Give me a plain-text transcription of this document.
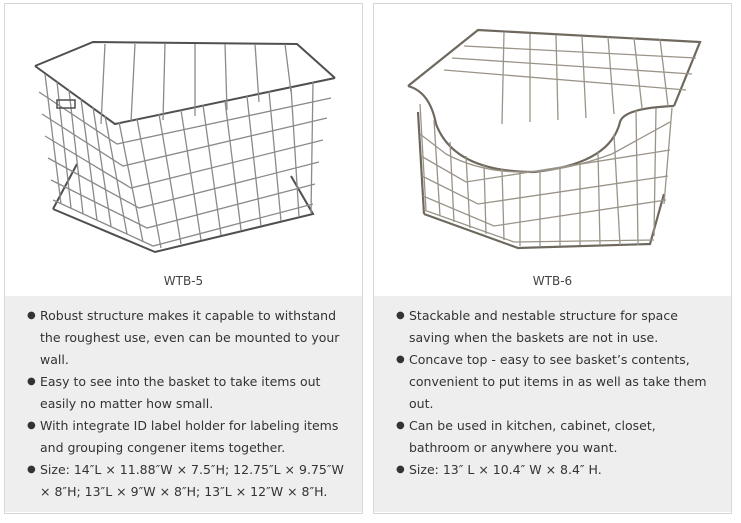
WTB-5
● Robust structure makes it capable to withstand the roughest use, even can be mounted to your wall.
● Easy to see into the basket to take items out easily no matter how small.
● With integrate ID label holder for labeling items and grouping congener items together.
● Size: 14″L × 11.88″W × 7.5″H; 12.75″L × 9.75″W × 8″H; 13″L × 9″W × 8″H; 13″L × 12″W × 8″H.
WTB-6
● Stackable and nestable structure for space saving when the baskets are not in use.
● Concave top - easy to see basket’s contents, convenient to put items in as well as take them out.
● Can be used in kitchen, cabinet, closet, bathroom or anywhere you want.
● Size: 13″ L × 10.4″ W × 8.4″ H.
